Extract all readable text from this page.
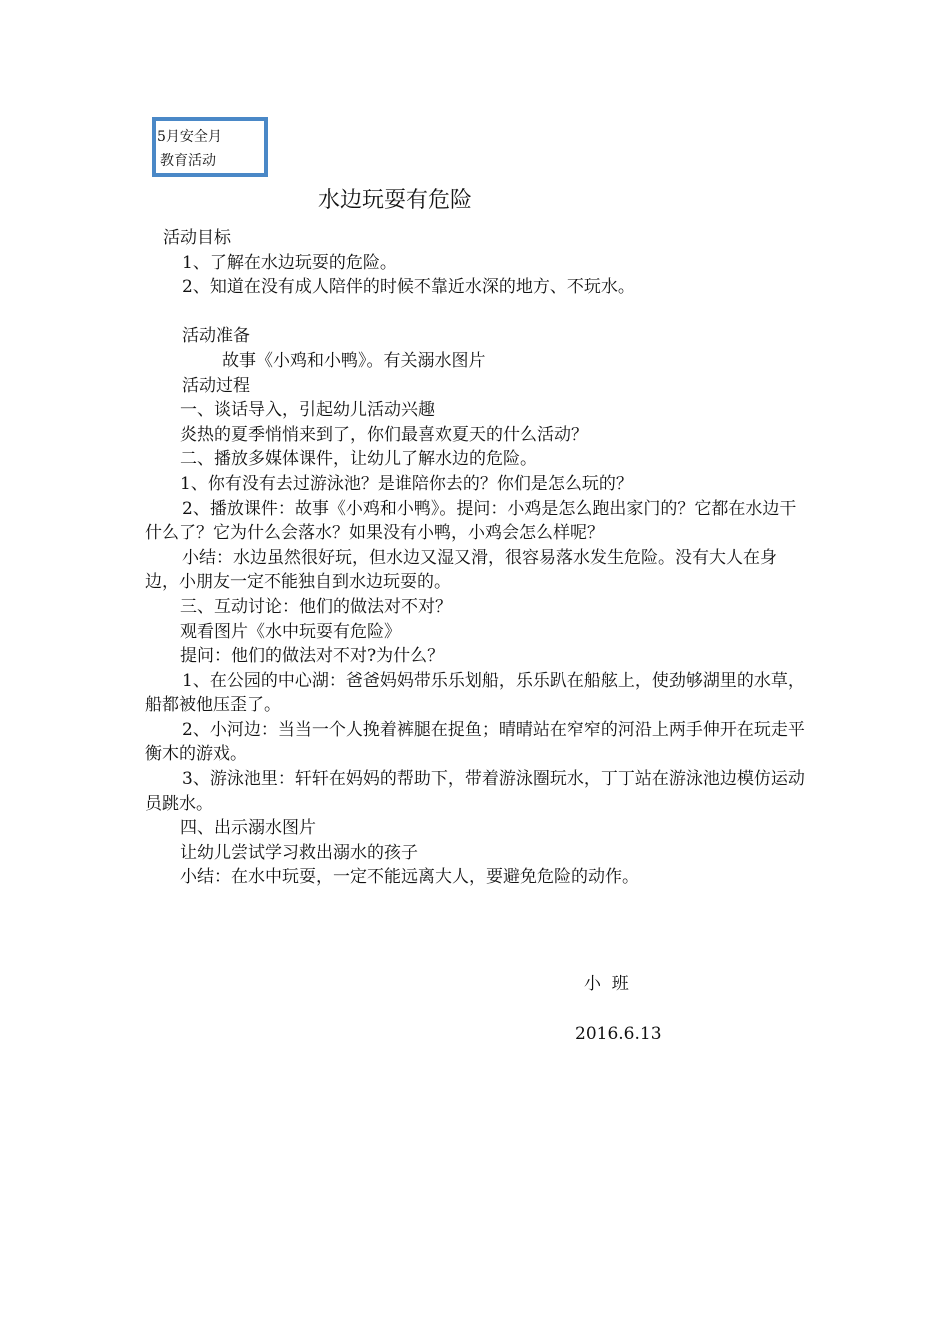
5月安全月
教育活动
水边玩耍有危险

活动目标

1、了解在水边玩耍的危险。

2、知道在没有成人陪伴的时候不靠近水深的地方、不玩水。

活动准备

故事《小鸡和小鸭》。有关溺水图片

活动过程

一、谈话导入，引起幼儿活动兴趣

炎热的夏季悄悄来到了，你们最喜欢夏天的什么活动？

二、播放多媒体课件，让幼儿了解水边的危险。

1、你有没有去过游泳池？是谁陪你去的？你们是怎么玩的？

2、播放课件：故事《小鸡和小鸭》。提问：小鸡是怎么跑出家门的？它都在水边干什么了？它为什么会落水？如果没有小鸭，小鸡会怎么样呢？

小结：水边虽然很好玩，但水边又湿又滑，很容易落水发生危险。没有大人在身边，小朋友一定不能独自到水边玩耍的。

三、互动讨论：他们的做法对不对？

观看图片《水中玩耍有危险》

提问：他们的做法对不对?为什么？

1、在公园的中心湖：爸爸妈妈带乐乐划船，乐乐趴在船舷上，使劲够湖里的水草，船都被他压歪了。

2、小河边：当当一个人挽着裤腿在捉鱼；晴晴站在窄窄的河沿上两手伸开在玩走平衡木的游戏。

3、游泳池里：轩轩在妈妈的帮助下，带着游泳圈玩水，丁丁站在游泳池边模仿运动员跳水。

四、出示溺水图片

让幼儿尝试学习救出溺水的孩子

小结：在水中玩耍，一定不能远离大人，要避免危险的动作。

小  班
2016.6.13
